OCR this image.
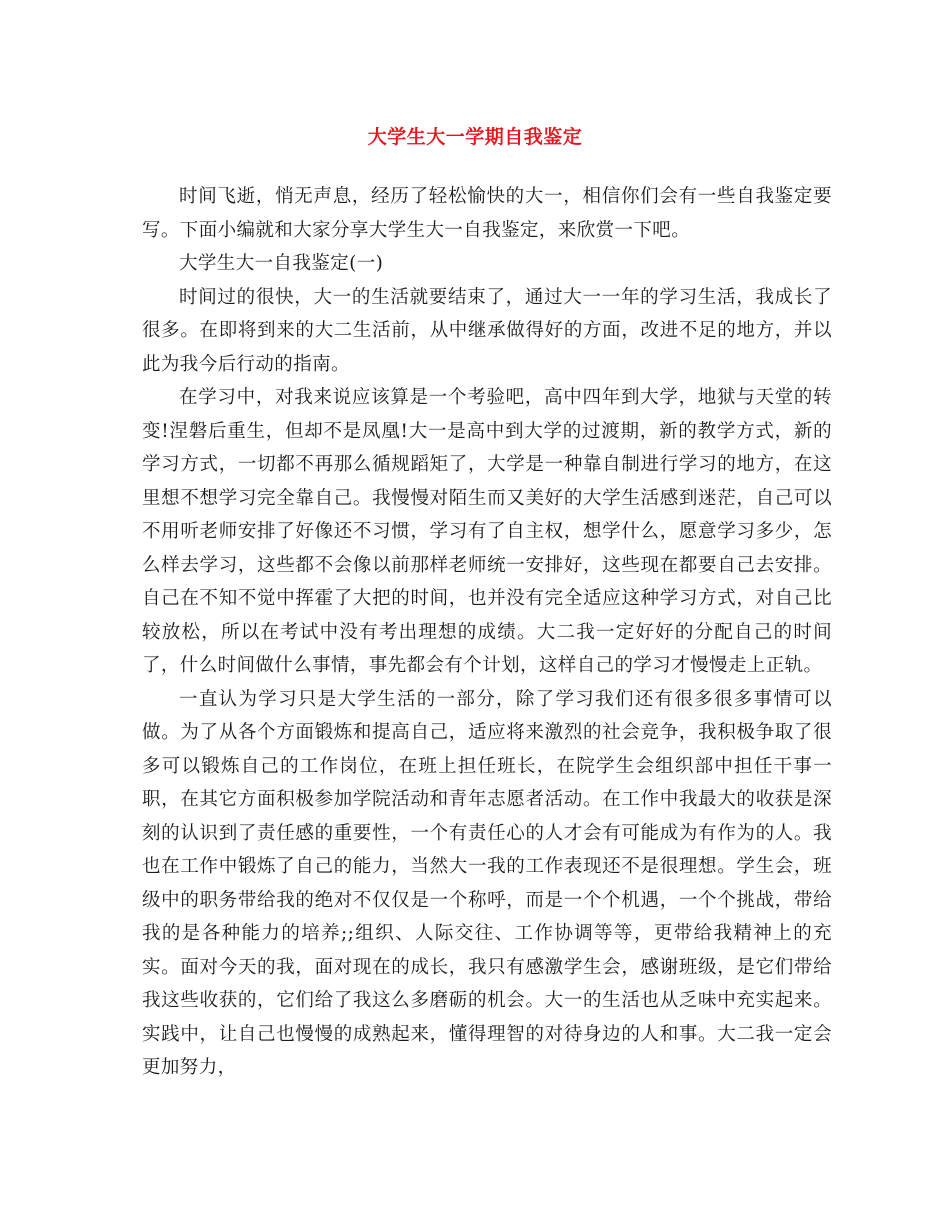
大学生大一学期自我鉴定

时间飞逝，悄无声息，经历了轻松愉快的大一，相信你们会有一些自我鉴定要写。下面小编就和大家分享大学生大一自我鉴定，来欣赏一下吧。

大学生大一自我鉴定(一)

时间过的很快，大一的生活就要结束了，通过大一一年的学习生活，我成长了很多。在即将到来的大二生活前，从中继承做得好的方面，改进不足的地方，并以此为我今后行动的指南。

在学习中，对我来说应该算是一个考验吧，高中四年到大学，地狱与天堂的转变!涅磐后重生，但却不是凤凰!大一是高中到大学的过渡期，新的教学方式，新的学习方式，一切都不再那么循规蹈矩了，大学是一种靠自制进行学习的地方，在这里想不想学习完全靠自己。我慢慢对陌生而又美好的大学生活感到迷茫，自己可以不用听老师安排了好像还不习惯，学习有了自主权，想学什么，愿意学习多少，怎么样去学习，这些都不会像以前那样老师统一安排好，这些现在都要自己去安排。自己在不知不觉中挥霍了大把的时间，也并没有完全适应这种学习方式，对自己比较放松，所以在考试中没有考出理想的成绩。大二我一定好好的分配自己的时间了，什么时间做什么事情，事先都会有个计划，这样自己的学习才慢慢走上正轨。

一直认为学习只是大学生活的一部分，除了学习我们还有很多很多事情可以做。为了从各个方面锻炼和提高自己，适应将来激烈的社会竞争，我积极争取了很多可以锻炼自己的工作岗位，在班上担任班长，在院学生会组织部中担任干事一职，在其它方面积极参加学院活动和青年志愿者活动。在工作中我最大的收获是深刻的认识到了责任感的重要性，一个有责任心的人才会有可能成为有作为的人。我也在工作中锻炼了自己的能力，当然大一我的工作表现还不是很理想。学生会，班级中的职务带给我的绝对不仅仅是一个称呼，而是一个个机遇，一个个挑战，带给我的是各种能力的培养;;组织、人际交往、工作协调等等，更带给我精神上的充实。面对今天的我，面对现在的成长，我只有感激学生会，感谢班级，是它们带给我这些收获的，它们给了我这么多磨砺的机会。大一的生活也从乏味中充实起来。实践中，让自己也慢慢的成熟起来，懂得理智的对待身边的人和事。大二我一定会更加努力，
